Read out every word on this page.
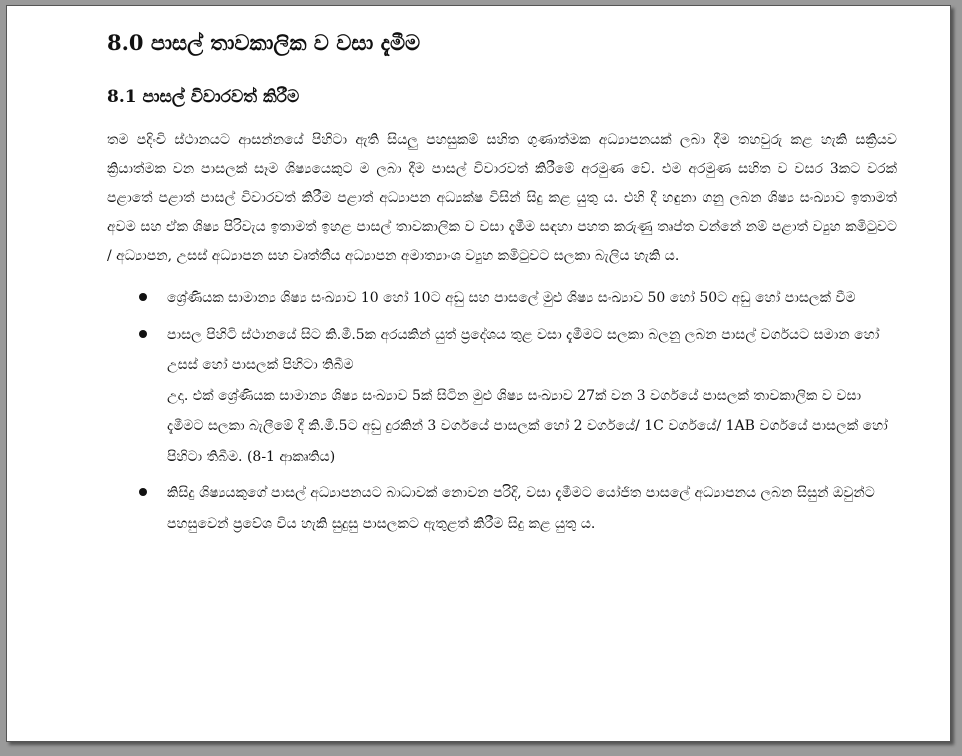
8.0 පාසල් තාවකාලික ව වසා දැමීම
8.1 පාසල් විවාරවත් කිරීම

තම පදිංචි ස්ථානයට ආසන්නයේ පිහිටා ඇති සියලු පහසුකම් සහිත ගුණාත්මක අධ්‍යාපනයක් ලබා දීම තහවුරු කළ හැකි සක්‍රියව ක්‍රියාත්මක වන පාසලක් සෑම ශිෂ්‍යයෙකුට ම ලබා දීම පාසල් විවාරවත් කිරීමේ අරමුණ වේ. එම අරමුණ සහිත ව වසර 3කට වරක් පළාතේ පළාත් පාසල් විවාරවත් කිරීම පළාත් අධ්‍යාපන අධ්‍යක්ෂ විසින් සිදු කළ යුතු ය. එහි දී හඳුනා ගනු ලබන ශිෂ්‍ය සංඛ්‍යාව ඉතාමත් අවම සහ ඒක ශිෂ්‍ය පිරිවැය ඉතාමත් ඉහළ පාසල් තාවකාලික ව වසා දැමීම සඳහා පහත කරුණු තෘප්ත වන්නේ නම් පළාත් ව්‍යුහ කමිටුවට / අධ්‍යාපන, උසස් අධ්‍යාපන සහ වෘත්තීය අධ්‍යාපන අමාත්‍යාංශ ව්‍යුහ කමිටුවට සලකා බැලිය හැකි ය.

ශ්‍රේණියක සාමාන්‍ය ශිෂ්‍ය සංඛ්‍යාව 10 හෝ 10ට අඩු සහ පාසලේ මුළු ශිෂ්‍ය සංඛ්‍යාව 50 හෝ 50ට අඩු හෝ පාසලක් වීම
පාසල පිහිටි ස්ථානයේ සිට කි.මී.5ක අරයකින් යුත් ප්‍රදේශය තුළ වසා දැමීමට සලකා බලනු ලබන පාසල් වර්ගයට සමාන හෝ උසස් හෝ පාසලක් පිහිටා තිබීම
උදා. එක් ශ්‍රේණියක සාමාන්‍ය ශිෂ්‍ය සංඛ්‍යාව 5ක් සිටින මුළු ශිෂ්‍ය සංඛ්‍යාව 27ක් වන 3 වර්ගයේ පාසලක් තාවකාලික ව වසා දැමීමට සලකා බැලීමේ දී කි.මී.5ට අඩු දුරකින් 3 වර්ගයේ පාසලක් හෝ 2 වර්ගයේ/ 1C වර්ගයේ/ 1AB වර්ගයේ පාසලක් හෝ පිහිටා තිබීම. (8-1 ආකෘතිය)
කිසිදු ශිෂ්‍යයකුගේ පාසල් අධ්‍යාපනයට බාධාවක් නොවන පරිදි, වසා දැමීමට යෝජිත පාසලේ අධ්‍යාපනය ලබන සිසුන් ඔවුන්ට පහසුවෙන් ප්‍රවේශ විය හැකි සුදුසු පාසලකට ඇතුළත් කිරීම සිදු කළ යුතු ය.
